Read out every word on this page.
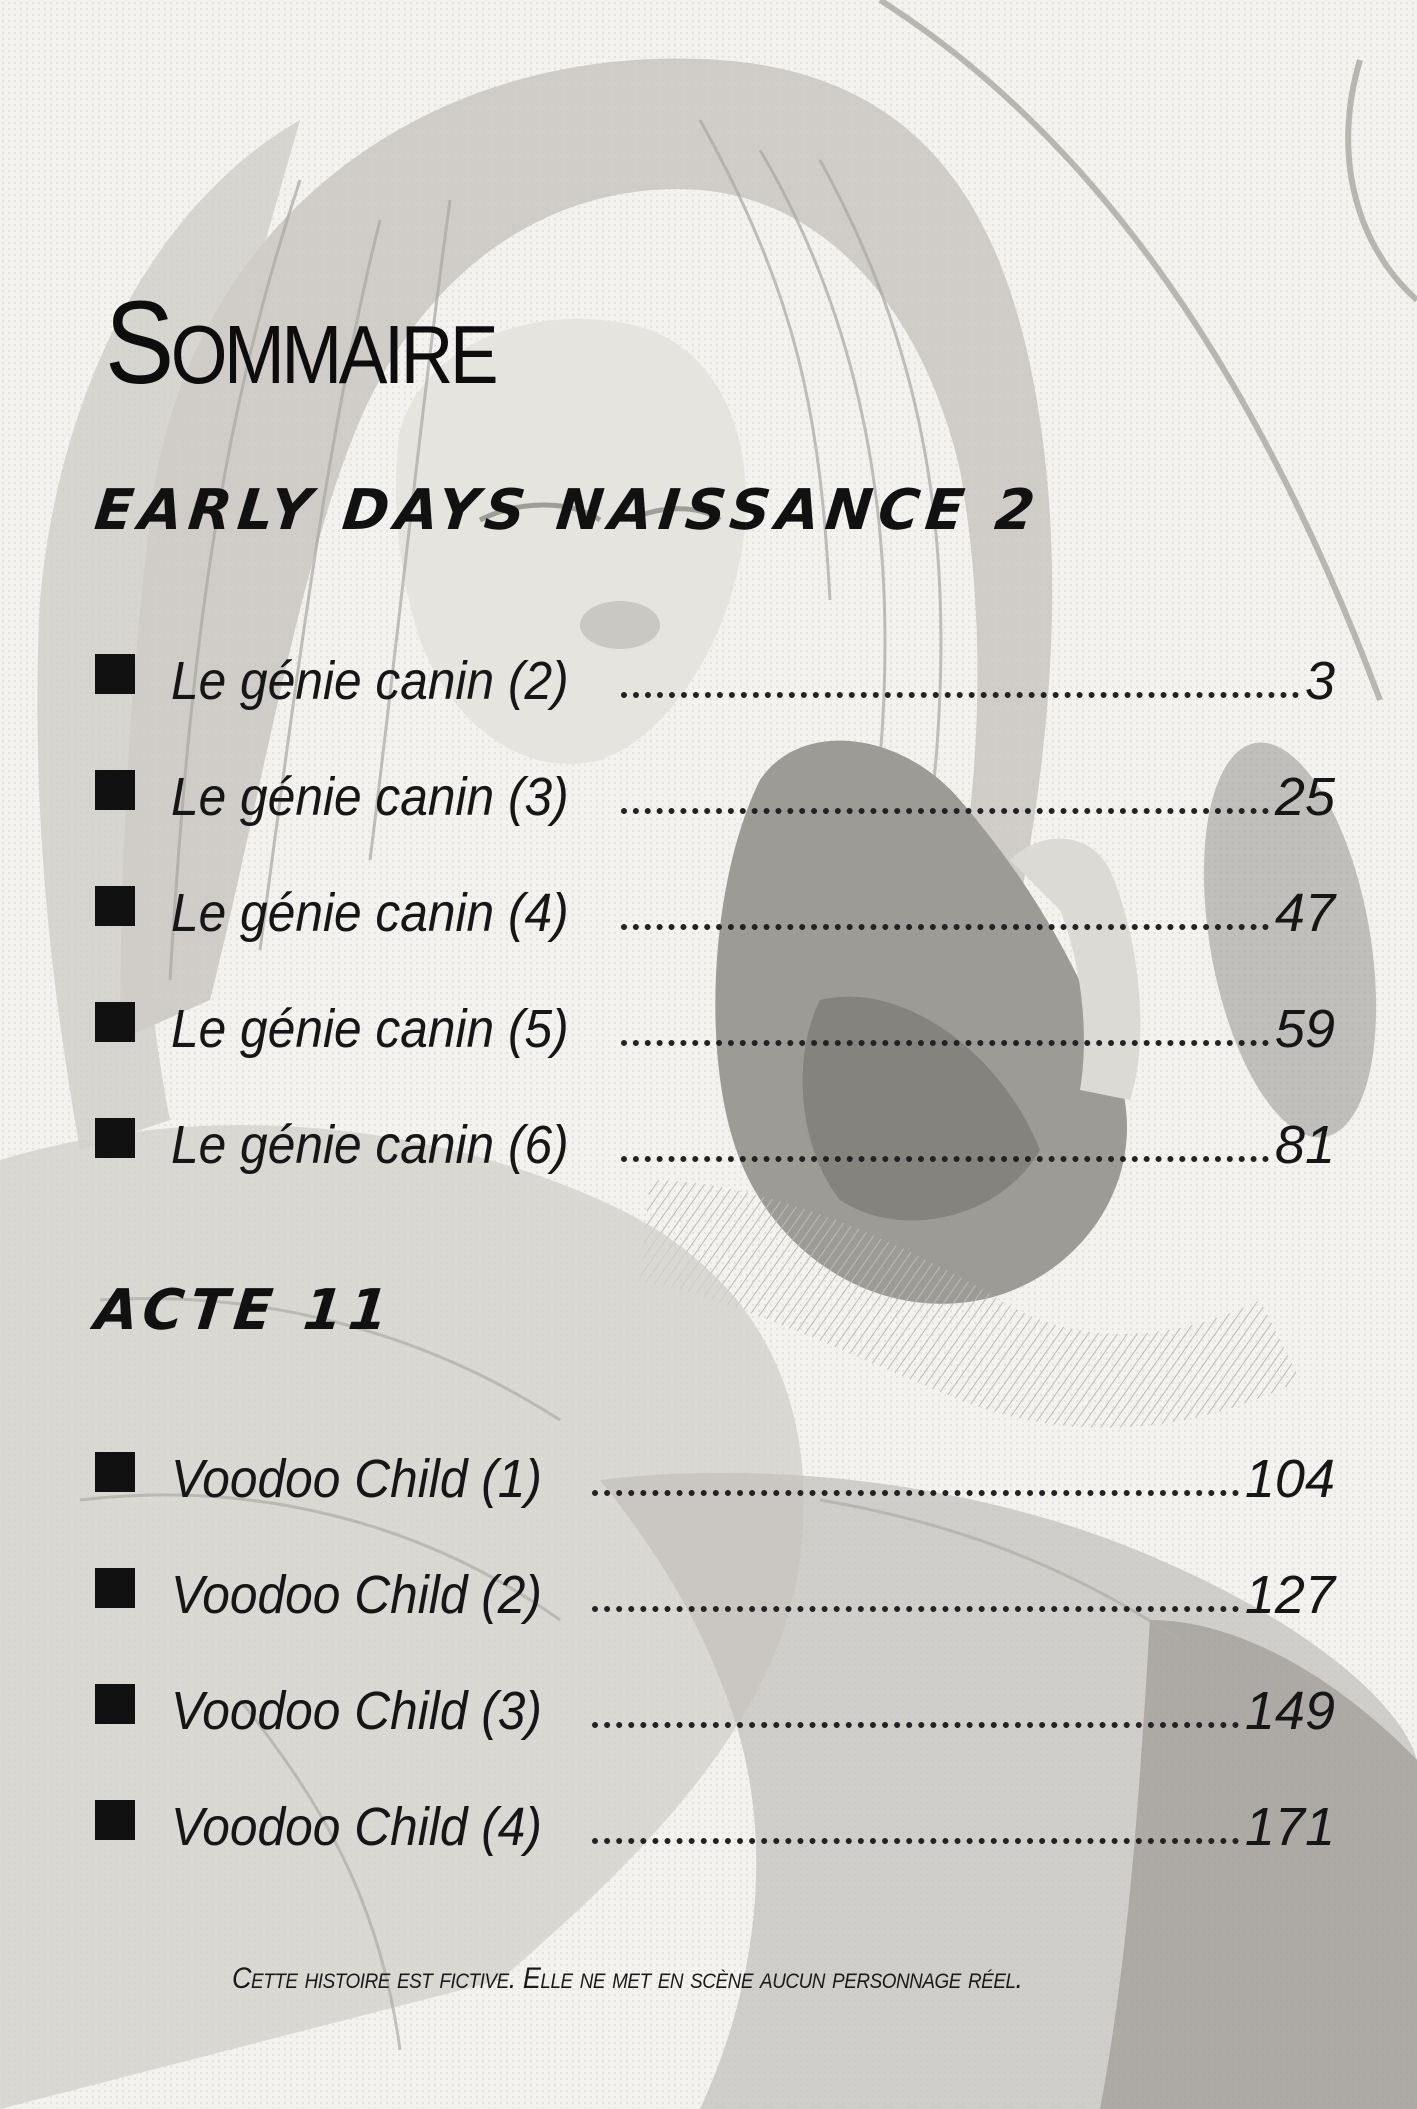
Sommaire
EARLY DAYS NAISSANCE 2
Le génie canin (2)	3
Le génie canin (3)	25
Le génie canin (4)	47
Le génie canin (5)	59
Le génie canin (6)	81
ACTE 11
Voodoo Child (1)	104
Voodoo Child (2)	127
Voodoo Child (3)	149
Voodoo Child (4)	171
Cette histoire est fictive. Elle ne met en scène aucun personnage réel.
